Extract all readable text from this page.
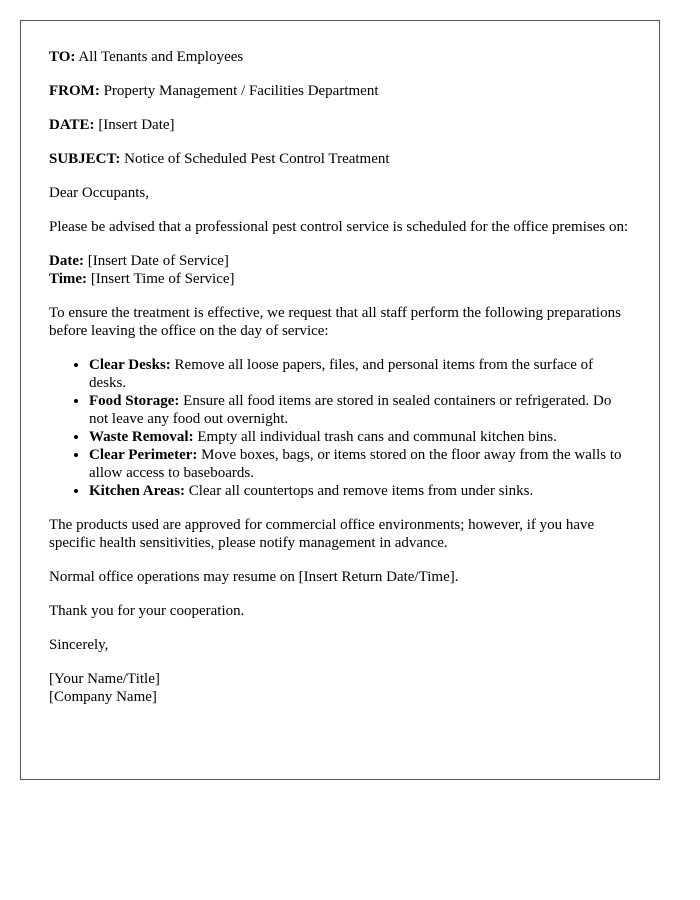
TO: All Tenants and Employees

FROM: Property Management / Facilities Department

DATE: [Insert Date]

SUBJECT: Notice of Scheduled Pest Control Treatment

Dear Occupants,

Please be advised that a professional pest control service is scheduled for the office premises on:

Date: [Insert Date of Service]
Time: [Insert Time of Service]

To ensure the treatment is effective, we request that all staff perform the following preparations before leaving the office on the day of service:

• Clear Desks: Remove all loose papers, files, and personal items from the surface of desks.
• Food Storage: Ensure all food items are stored in sealed containers or refrigerated. Do not leave any food out overnight.
• Waste Removal: Empty all individual trash cans and communal kitchen bins.
• Clear Perimeter: Move boxes, bags, or items stored on the floor away from the walls to allow access to baseboards.
• Kitchen Areas: Clear all countertops and remove items from under sinks.

The products used are approved for commercial office environments; however, if you have specific health sensitivities, please notify management in advance.

Normal office operations may resume on [Insert Return Date/Time].

Thank you for your cooperation.

Sincerely,

[Your Name/Title]
[Company Name]
